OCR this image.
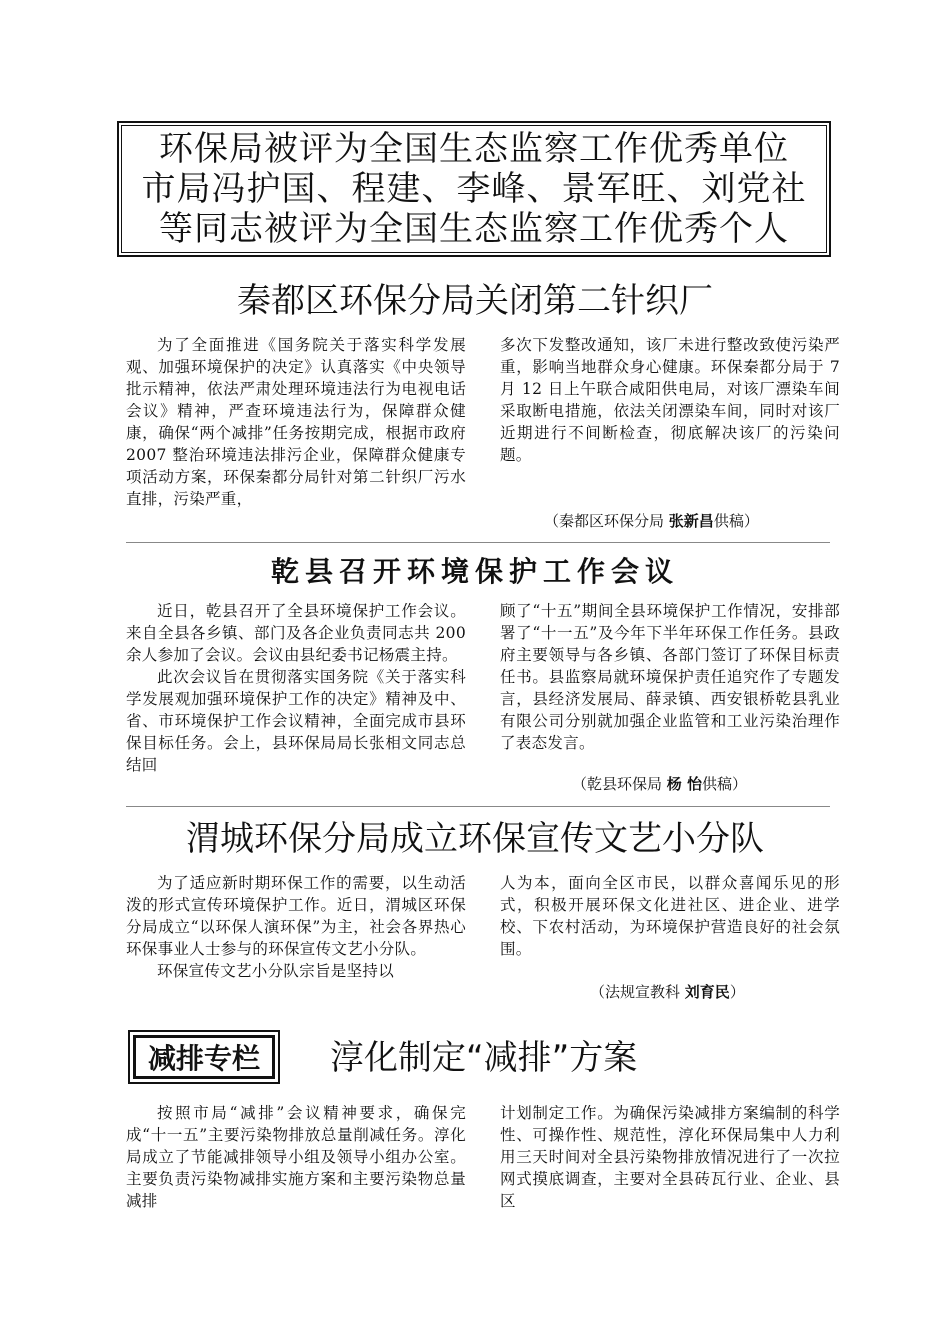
环保局被评为全国生态监察工作优秀单位
市局冯护国、程建、李峰、景军旺、刘党社
等同志被评为全国生态监察工作优秀个人
秦都区环保分局关闭第二针织厂

为了全面推进《国务院关于落实科学发展观、加强环境保护的决定》认真落实《中央领导批示精神，依法严肃处理环境违法行为电视电话会议》精神，严查环境违法行为，保障群众健康，确保“两个减排”任务按期完成，根据市政府 2007 整治环境违法排污企业，保障群众健康专项活动方案，环保秦都分局针对第二针织厂污水直排，污染严重，

多次下发整改通知，该厂未进行整改致使污染严重，影响当地群众身心健康。环保秦都分局于 7 月 12 日上午联合咸阳供电局，对该厂漂染车间采取断电措施，依法关闭漂染车间，同时对该厂近期进行不间断检查，彻底解决该厂的污染问题。

（秦都区环保分局 张新昌供稿）
乾县召开环境保护工作会议

近日，乾县召开了全县环境保护工作会议。来自全县各乡镇、部门及各企业负责同志共 200 余人参加了会议。会议由县纪委书记杨震主持。

此次会议旨在贯彻落实国务院《关于落实科学发展观加强环境保护工作的决定》精神及中、省、市环境保护工作会议精神，全面完成市县环保目标任务。会上，县环保局局长张相文同志总结回

顾了“十五”期间全县环境保护工作情况，安排部署了“十一五”及今年下半年环保工作任务。县政府主要领导与各乡镇、各部门签订了环保目标责任书。县监察局就环境保护责任追究作了专题发言，县经济发展局、薛录镇、西安银桥乾县乳业有限公司分别就加强企业监管和工业污染治理作了表态发言。

（乾县环保局 杨 怡供稿）
渭城环保分局成立环保宣传文艺小分队

为了适应新时期环保工作的需要，以生动活泼的形式宣传环境保护工作。近日，渭城区环保分局成立“以环保人演环保”为主，社会各界热心环保事业人士参与的环保宣传文艺小分队。

环保宣传文艺小分队宗旨是坚持以

人为本，面向全区市民，以群众喜闻乐见的形式，积极开展环保文化进社区、进企业、进学校、下农村活动，为环境保护营造良好的社会氛围。

（法规宣教科 刘育民）
减排专栏	淳化制定“减排”方案

按照市局“减排”会议精神要求，确保完成“十一五”主要污染物排放总量削减任务。淳化局成立了节能减排领导小组及领导小组办公室。主要负责污染物减排实施方案和主要污染物总量减排

计划制定工作。为确保污染减排方案编制的科学性、可操作性、规范性，淳化环保局集中人力利用三天时间对全县污染物排放情况进行了一次拉网式摸底调查，主要对全县砖瓦行业、企业、县区
